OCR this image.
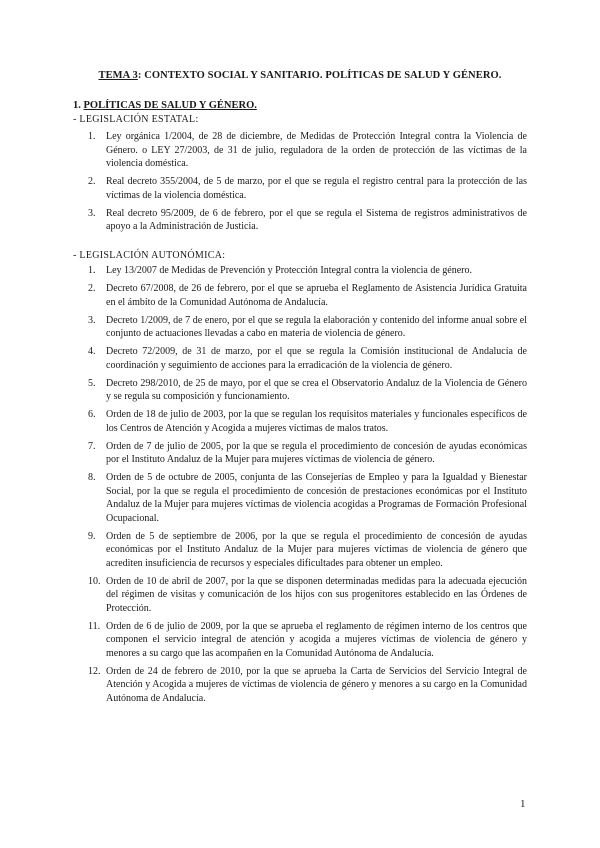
TEMA 3: CONTEXTO SOCIAL Y SANITARIO. POLÍTICAS DE SALUD Y GÉNERO.
1. POLÍTICAS DE SALUD Y GÉNERO.
- LEGISLACIÓN ESTATAL:
1. Ley orgánica 1/2004, de 28 de diciembre, de Medidas de Protección Integral contra la Violencia de Género. o LEY 27/2003, de 31 de julio, reguladora de la orden de protección de las víctimas de la violencia doméstica.
2. Real decreto 355/2004, de 5 de marzo, por el que se regula el registro central para la protección de las víctimas de la violencia doméstica.
3. Real decreto 95/2009, de 6 de febrero, por el que se regula el Sistema de registros administrativos de apoyo a la Administración de Justicia.
- LEGISLACIÓN AUTONÓMICA:
1. Ley 13/2007 de Medidas de Prevención y Protección Integral contra la violencia de género.
2. Decreto 67/2008, de 26 de febrero, por el que se aprueba el Reglamento de Asistencia Jurídica Gratuita en el ámbito de la Comunidad Autónoma de Andalucía.
3. Decreto 1/2009, de 7 de enero, por el que se regula la elaboración y contenido del informe anual sobre el conjunto de actuaciones llevadas a cabo en materia de violencia de género.
4. Decreto 72/2009, de 31 de marzo, por el que se regula la Comisión institucional de Andalucía de coordinación y seguimiento de acciones para la erradicación de la violencia de género.
5. Decreto 298/2010, de 25 de mayo, por el que se crea el Observatorio Andaluz de la Violencia de Género y se regula su composición y funcionamiento.
6. Orden de 18 de julio de 2003, por la que se regulan los requisitos materiales y funcionales específicos de los Centros de Atención y Acogida a mujeres víctimas de malos tratos.
7. Orden de 7 de julio de 2005, por la que se regula el procedimiento de concesión de ayudas económicas por el Instituto Andaluz de la Mujer para mujeres víctimas de violencia de género.
8. Orden de 5 de octubre de 2005, conjunta de las Consejerías de Empleo y para la Igualdad y Bienestar Social, por la que se regula el procedimiento de concesión de prestaciones económicas por el Instituto Andaluz de la Mujer para mujeres víctimas de violencia acogidas a Programas de Formación Profesional Ocupacional.
9. Orden de 5 de septiembre de 2006, por la que se regula el procedimiento de concesión de ayudas económicas por el Instituto Andaluz de la Mujer para mujeres víctimas de violencia de género que acrediten insuficiencia de recursos y especiales dificultades para obtener un empleo.
10. Orden de 10 de abril de 2007, por la que se disponen determinadas medidas para la adecuada ejecución del régimen de visitas y comunicación de los hijos con sus progenitores establecido en las Órdenes de Protección.
11. Orden de 6 de julio de 2009, por la que se aprueba el reglamento de régimen interno de los centros que componen el servicio integral de atención y acogida a mujeres víctimas de violencia de género y menores a su cargo que las acompañen en la Comunidad Autónoma de Andalucía.
12. Orden de 24 de febrero de 2010, por la que se aprueba la Carta de Servicios del Servicio Integral de Atención y Acogida a mujeres de víctimas de violencia de género y menores a su cargo en la Comunidad Autónoma de Andalucía.
1
